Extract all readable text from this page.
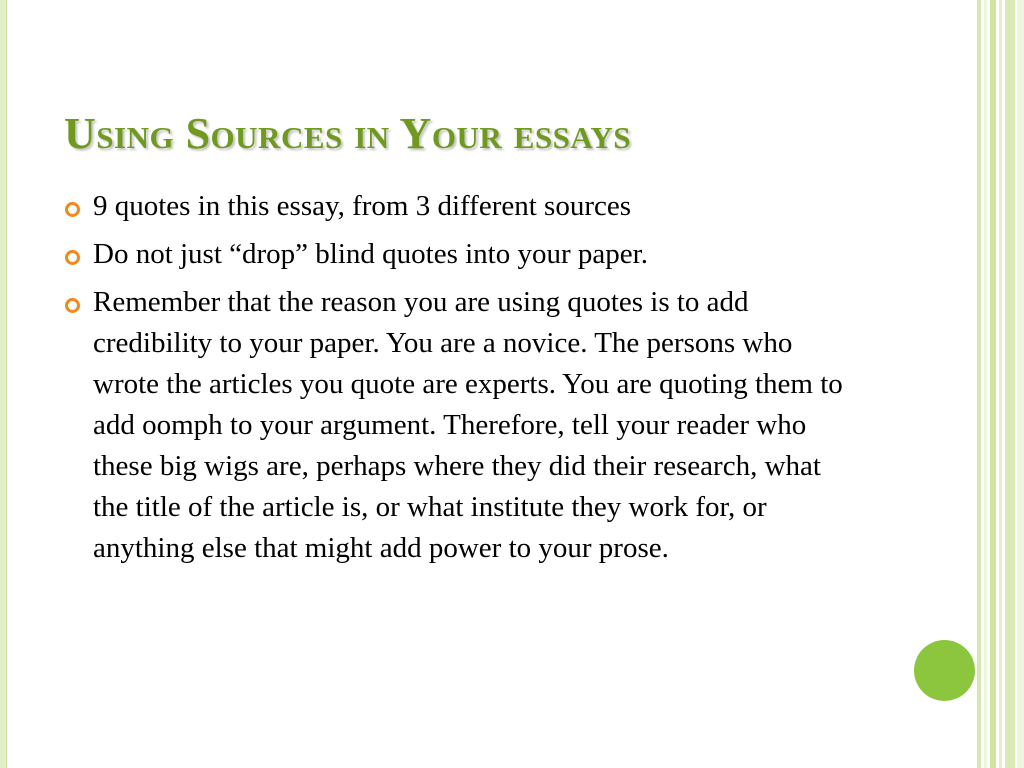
Using Sources in Your essays
9 quotes in this essay, from 3 different sources
Do not just “drop” blind quotes into your paper.
Remember that the reason you are using quotes is to add credibility to your paper. You are a novice. The persons who wrote the articles you quote are experts. You are quoting them to add oomph to your argument. Therefore, tell your reader who these big wigs are, perhaps where they did their research, what the title of the article is, or what institute they work for, or anything else that might add power to your prose.
